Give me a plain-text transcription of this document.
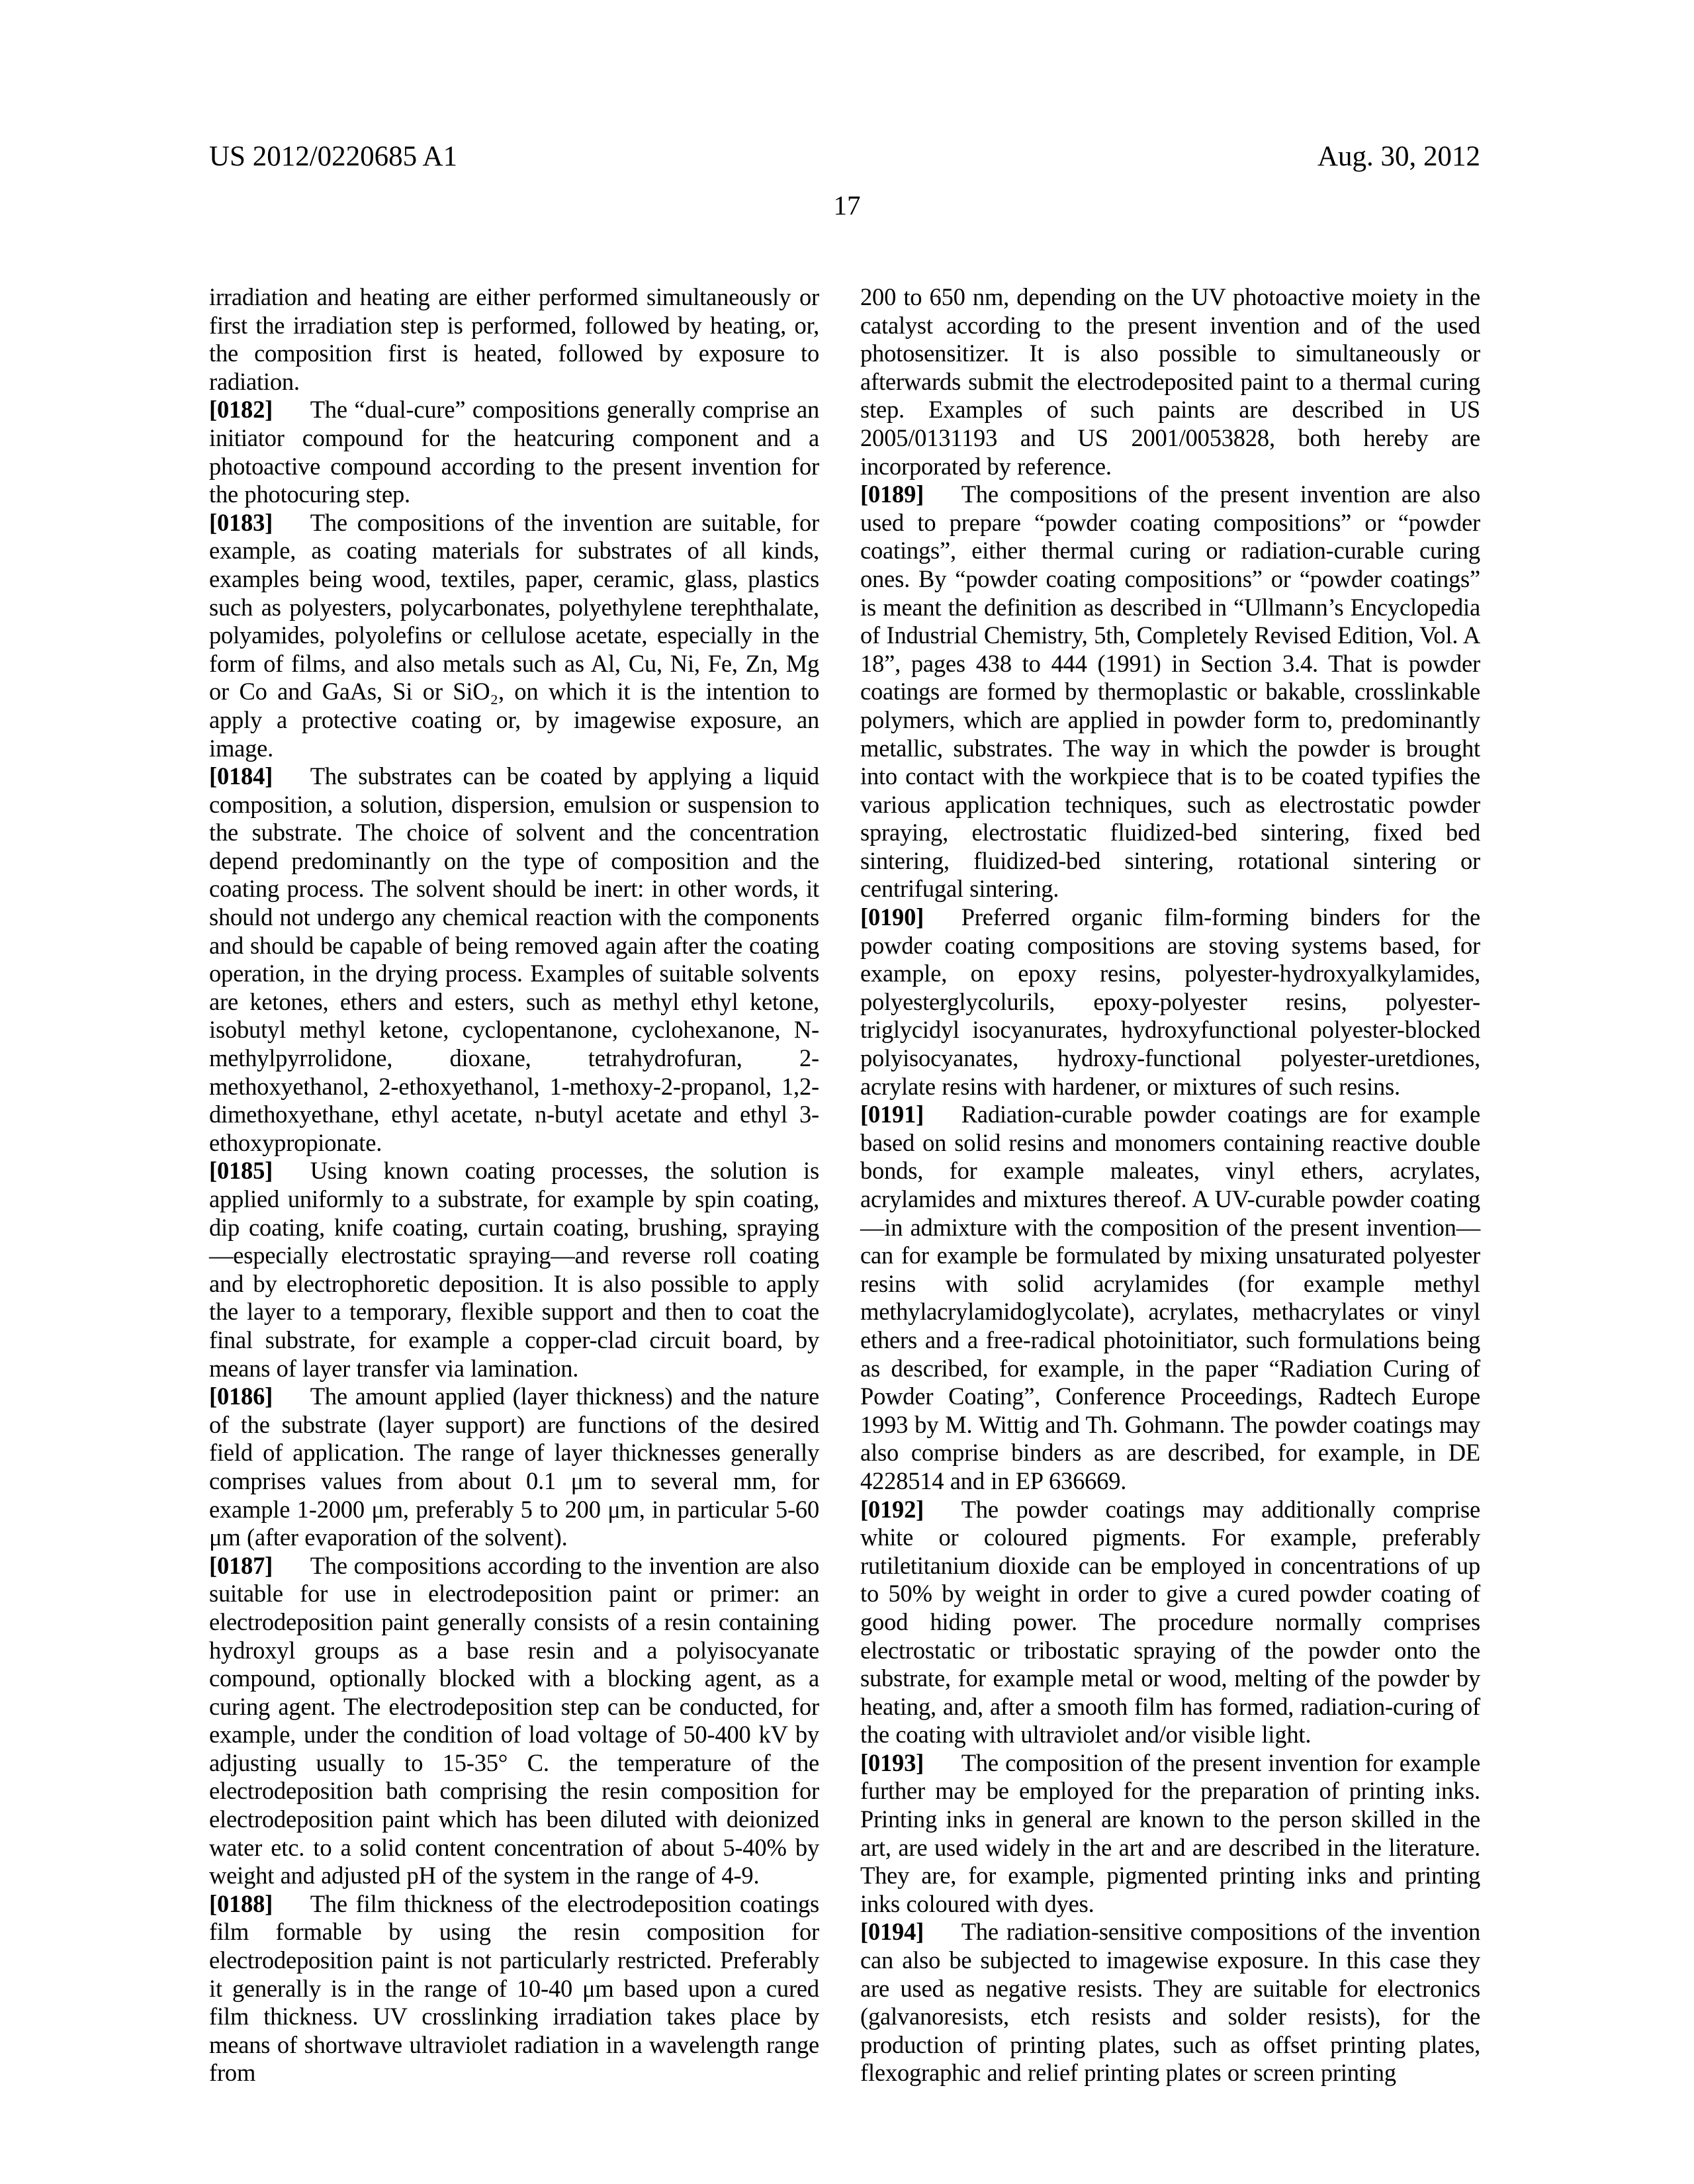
US 2012/0220685 A1	Aug. 30, 2012
17

irradiation and heating are either performed simultaneously or first the irradiation step is performed, followed by heating, or, the composition first is heated, followed by exposure to radiation.

[0182] The “dual-cure” compositions generally comprise an initiator compound for the heatcuring component and a photoactive compound according to the present invention for the photocuring step.

[0183] The compositions of the invention are suitable, for example, as coating materials for substrates of all kinds, examples being wood, textiles, paper, ceramic, glass, plastics such as polyesters, polycarbonates, polyethylene terephthalate, polyamides, polyolefins or cellulose acetate, especially in the form of films, and also metals such as Al, Cu, Ni, Fe, Zn, Mg or Co and GaAs, Si or SiO₂, on which it is the intention to apply a protective coating or, by imagewise exposure, an image.

[0184] The substrates can be coated by applying a liquid composition, a solution, dispersion, emulsion or suspension to the substrate. The choice of solvent and the concentration depend predominantly on the type of composition and the coating process. The solvent should be inert: in other words, it should not undergo any chemical reaction with the components and should be capable of being removed again after the coating operation, in the drying process. Examples of suitable solvents are ketones, ethers and esters, such as methyl ethyl ketone, isobutyl methyl ketone, cyclopentanone, cyclohexanone, N-methylpyrrolidone, dioxane, tetrahydrofuran, 2-methoxyethanol, 2-ethoxyethanol, 1-methoxy-2-propanol, 1,2-dimethoxyethane, ethyl acetate, n-butyl acetate and ethyl 3-ethoxypropionate.

[0185] Using known coating processes, the solution is applied uniformly to a substrate, for example by spin coating, dip coating, knife coating, curtain coating, brushing, spraying—especially electrostatic spraying—and reverse roll coating and by electrophoretic deposition. It is also possible to apply the layer to a temporary, flexible support and then to coat the final substrate, for example a copper-clad circuit board, by means of layer transfer via lamination.

[0186] The amount applied (layer thickness) and the nature of the substrate (layer support) are functions of the desired field of application. The range of layer thicknesses generally comprises values from about 0.1 μm to several mm, for example 1-2000 μm, preferably 5 to 200 μm, in particular 5-60 μm (after evaporation of the solvent).

[0187] The compositions according to the invention are also suitable for use in electrodeposition paint or primer: an electrodeposition paint generally consists of a resin containing hydroxyl groups as a base resin and a polyisocyanate compound, optionally blocked with a blocking agent, as a curing agent. The electrodeposition step can be conducted, for example, under the condition of load voltage of 50-400 kV by adjusting usually to 15-35° C. the temperature of the electrodeposition bath comprising the resin composition for electrodeposition paint which has been diluted with deionized water etc. to a solid content concentration of about 5-40% by weight and adjusted pH of the system in the range of 4-9.

[0188] The film thickness of the electrodeposition coatings film formable by using the resin composition for electrodeposition paint is not particularly restricted. Preferably it generally is in the range of 10-40 μm based upon a cured film thickness. UV crosslinking irradiation takes place by means of shortwave ultraviolet radiation in a wavelength range from

200 to 650 nm, depending on the UV photoactive moiety in the catalyst according to the present invention and of the used photosensitizer. It is also possible to simultaneously or afterwards submit the electrodeposited paint to a thermal curing step. Examples of such paints are described in US 2005/0131193 and US 2001/0053828, both hereby are incorporated by reference.

[0189] The compositions of the present invention are also used to prepare “powder coating compositions” or “powder coatings”, either thermal curing or radiation-curable curing ones. By “powder coating compositions” or “powder coatings” is meant the definition as described in “Ullmann’s Encyclopedia of Industrial Chemistry, 5th, Completely Revised Edition, Vol. A 18”, pages 438 to 444 (1991) in Section 3.4. That is powder coatings are formed by thermoplastic or bakable, crosslinkable polymers, which are applied in powder form to, predominantly metallic, substrates. The way in which the powder is brought into contact with the workpiece that is to be coated typifies the various application techniques, such as electrostatic powder spraying, electrostatic fluidized-bed sintering, fixed bed sintering, fluidized-bed sintering, rotational sintering or centrifugal sintering.

[0190] Preferred organic film-forming binders for the powder coating compositions are stoving systems based, for example, on epoxy resins, polyester-hydroxyalkylamides, polyesterglycolurils, epoxy-polyester resins, polyester-triglycidyl isocyanurates, hydroxyfunctional polyester-blocked polyisocyanates, hydroxy-functional polyester-uretdiones, acrylate resins with hardener, or mixtures of such resins.

[0191] Radiation-curable powder coatings are for example based on solid resins and monomers containing reactive double bonds, for example maleates, vinyl ethers, acrylates, acrylamides and mixtures thereof. A UV-curable powder coating—in admixture with the composition of the present invention—can for example be formulated by mixing unsaturated polyester resins with solid acrylamides (for example methyl methylacrylamidoglycolate), acrylates, methacrylates or vinyl ethers and a free-radical photoinitiator, such formulations being as described, for example, in the paper “Radiation Curing of Powder Coating”, Conference Proceedings, Radtech Europe 1993 by M. Wittig and Th. Gohmann. The powder coatings may also comprise binders as are described, for example, in DE 4228514 and in EP 636669.

[0192] The powder coatings may additionally comprise white or coloured pigments. For example, preferably rutiletitanium dioxide can be employed in concentrations of up to 50% by weight in order to give a cured powder coating of good hiding power. The procedure normally comprises electrostatic or tribostatic spraying of the powder onto the substrate, for example metal or wood, melting of the powder by heating, and, after a smooth film has formed, radiation-curing of the coating with ultraviolet and/or visible light.

[0193] The composition of the present invention for example further may be employed for the preparation of printing inks. Printing inks in general are known to the person skilled in the art, are used widely in the art and are described in the literature. They are, for example, pigmented printing inks and printing inks coloured with dyes.

[0194] The radiation-sensitive compositions of the invention can also be subjected to imagewise exposure. In this case they are used as negative resists. They are suitable for electronics (galvanoresists, etch resists and solder resists), for the production of printing plates, such as offset printing plates, flexographic and relief printing plates or screen printing
